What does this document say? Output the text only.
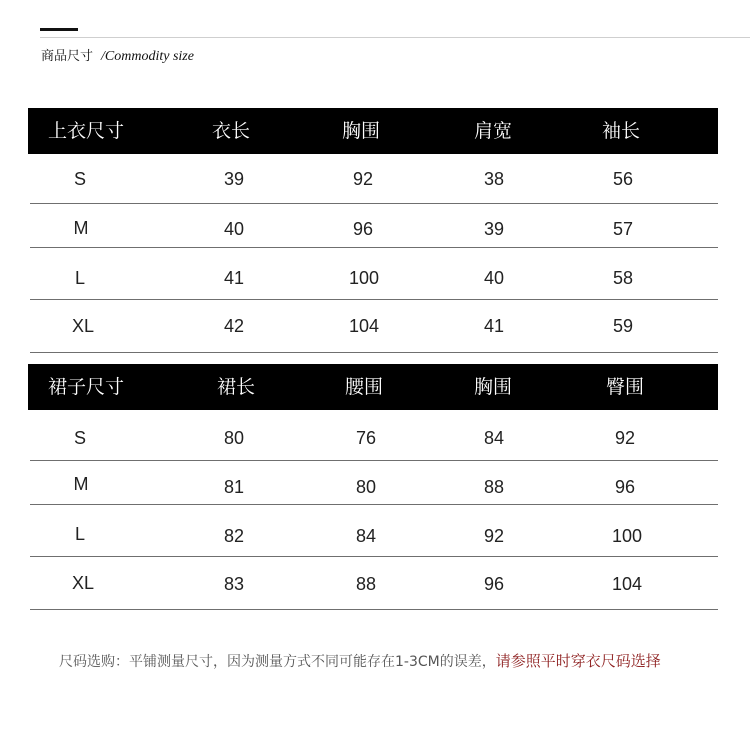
商品尺寸 /Commodity size
上衣尺寸	衣长	胸围	肩宽	袖长
S	39	92	38	56
M	40	96	39	57
L	41	100	40	58
XL	42	104	41	59
裙子尺寸	裙长	腰围	胸围	臀围
S	80	76	84	92
M	81	80	88	96
L	82	84	92	100
XL	83	88	96	104
尺码选购：平铺测量尺寸，因为测量方式不同可能存在1-3CM的误差，请参照平时穿衣尺码选择
